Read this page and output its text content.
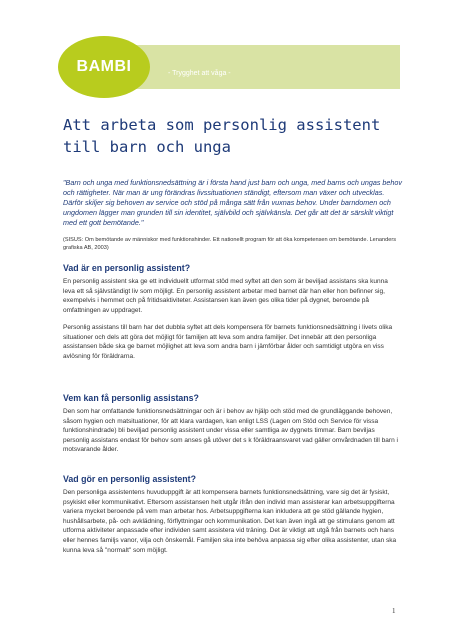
BAMBI	- Trygghet att våga -
Att arbeta som personlig assistent
till barn och unga
"Barn och unga med funktionsnedsättning är i första hand just barn och unga, med barns och ungas behov och rättigheter. När man är ung förändras livssituationen ständigt, eftersom man växer och utvecklas. Därför skiljer sig behoven av service och stöd på många sätt från vuxnas behov. Under barndomen och ungdomen lägger man grunden till sin identitet, självbild och självkänsla. Det går att det är särskilt viktigt med ett gott bemötande."
(SISUS: Om bemötande av människor med funktionshinder. Ett nationellt program för att öka kompetensen om bemötande. Lenanders grafiska AB, 2003)
Vad är en personlig assistent?
En personlig assistent ska ge ett individuellt utformat stöd med syftet att den som är beviljad assistans ska kunna leva ett så självständigt liv som möjligt. En personlig assistent arbetar med barnet där han eller hon befinner sig, exempelvis i hemmet och på fritidsaktiviteter. Assistansen kan även ges olika tider på dygnet, beroende på omfattningen av uppdraget.
Personlig assistans till barn har det dubbla syftet att dels kompensera för barnets funktionsnedsättning i livets olika situationer och dels att göra det möjligt för familjen att leva som andra familjer. Det innebär att den personliga assistansen både ska ge barnet möjlighet att leva som andra barn i jämförbar ålder och samtidigt utgöra en viss avlösning för föräldrarna.
Vem kan få personlig assistans?
Den som har omfattande funktionsnedsättningar och är i behov av hjälp och stöd med de grundläggande behoven, såsom hygien och matsituationer, för att klara vardagen, kan enligt LSS (Lagen om Stöd och Service för vissa funktionshindrade) bli beviljad personlig assistent under vissa eller samtliga av dygnets timmar. Barn beviljas personlig assistans endast för behov som anses gå utöver det s k föräldraansvaret vad gäller omvårdnaden till barn i motsvarande ålder.
Vad gör en personlig assistent?
Den personliga assistentens huvuduppgift är att kompensera barnets funktionsnedsättning, vare sig det är fysiskt, psykiskt eller kommunikativt. Eftersom assistansen helt utgår ifrån den individ man assisterar kan arbetsuppgifterna variera mycket beroende på vem man arbetar hos. Arbetsuppgifterna kan inkludera att ge stöd gällande hygien, hushållsarbete, på- och avklädning, förflyttningar och kommunikation. Det kan även ingå att ge stimulans genom att utforma aktiviteter anpassade efter individen samt assistera vid träning. Det är viktigt att utgå från barnets och hans eller hennes familjs vanor, vilja och önskemål. Familjen ska inte behöva anpassa sig efter olika assistenter, utan ska kunna leva så "normalt" som möjligt.
1
